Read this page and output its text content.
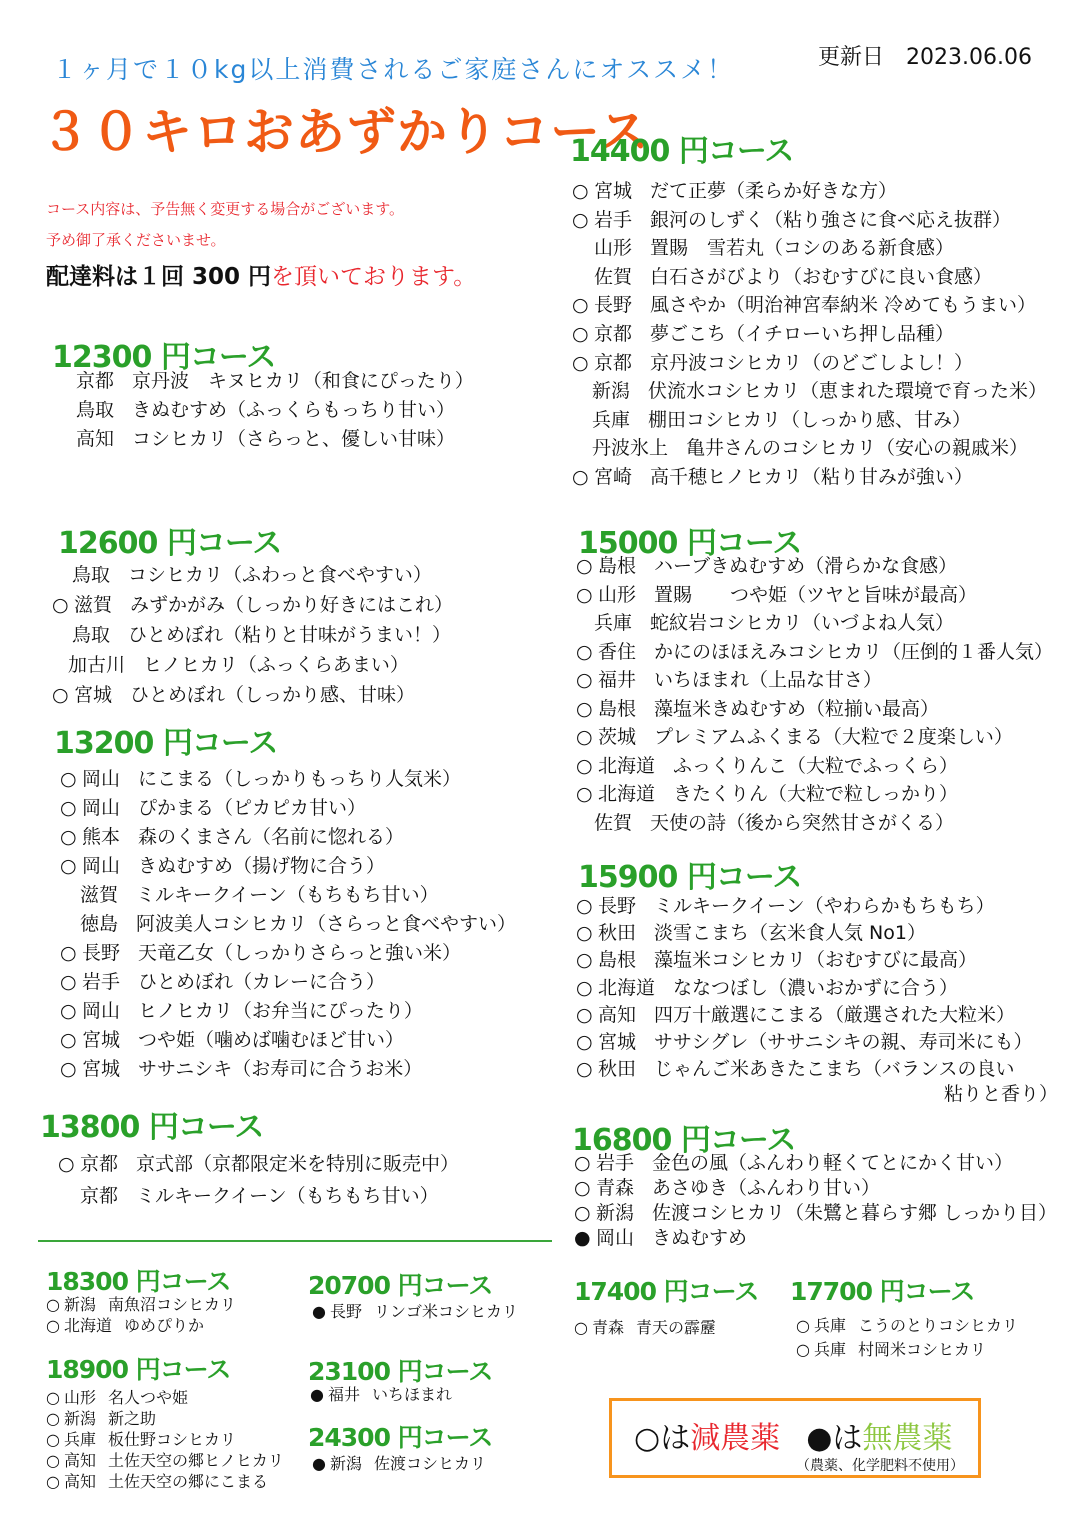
１ヶ月で１０kg以上消費されるご家庭さんにオススメ！	更新日 2023.06.06
３０キロおあずかりコース
コース内容は、予告無く変更する場合がございます。
予め御了承くださいませ。
配達料は１回 300 円を頂いております。
12300 円コース
京都 京丹波　キヌヒカリ（和食にぴったり）
鳥取 きぬむすめ（ふっくらもっちり甘い）
高知 コシヒカリ（さらっと、優しい甘味）
12600 円コース
鳥取 コシヒカリ（ふわっと食べやすい）
○ 滋賀 みずかがみ（しっかり好きにはこれ）
鳥取 ひとめぼれ（粘りと甘味がうまい！）
加古川 ヒノヒカリ（ふっくらあまい）
○ 宮城 ひとめぼれ（しっかり感、甘味）
13200 円コース
○ 岡山 にこまる（しっかりもっちり人気米）
○ 岡山 ぴかまる（ピカピカ甘い）
○ 熊本 森のくまさん（名前に惚れる）
○ 岡山 きぬむすめ（揚げ物に合う）
滋賀 ミルキークイーン（もちもち甘い）
徳島 阿波美人コシヒカリ（さらっと食べやすい）
○ 長野 天竜乙女（しっかりさらっと強い米）
○ 岩手 ひとめぼれ（カレーに合う）
○ 岡山 ヒノヒカリ（お弁当にぴったり）
○ 宮城 つや姫（噛めば噛むほど甘い）
○ 宮城 ササニシキ（お寿司に合うお米）
13800 円コース
○ 京都 京式部（京都限定米を特別に販売中）
京都 ミルキークイーン（もちもち甘い）
14400 円コース
○ 宮城 だて正夢（柔らか好きな方）
○ 岩手 銀河のしずく（粘り強さに食べ応え抜群）
山形 置賜　雪若丸（コシのある新食感）
佐賀 白石さがびより（おむすびに良い食感）
○ 長野 風さやか（明治神宮奉納米 冷めてもうまい）
○ 京都 夢ごこち（イチローいち押し品種）
○ 京都 京丹波コシヒカリ（のどごしよし！）
新潟 伏流水コシヒカリ（恵まれた環境で育った米）
兵庫 棚田コシヒカリ（しっかり感、甘み）
丹波氷上 亀井さんのコシヒカリ（安心の親戚米）
○ 宮崎 高千穂ヒノヒカリ（粘り甘みが強い）
15000 円コース
○ 島根 ハーブきぬむすめ（滑らかな食感）
○ 山形 置賜　　つや姫（ツヤと旨味が最高）
兵庫 蛇紋岩コシヒカリ（いづよね人気）
○ 香住 かにのほほえみコシヒカリ（圧倒的１番人気）
○ 福井 いちほまれ（上品な甘さ）
○ 島根 藻塩米きぬむすめ（粒揃い最高）
○ 茨城 プレミアムふくまる（大粒で２度楽しい）
○ 北海道 ふっくりんこ（大粒でふっくら）
○ 北海道 きたくりん（大粒で粒しっかり）
佐賀 天使の詩（後から突然甘さがくる）
15900 円コース
○ 長野 ミルキークイーン（やわらかもちもち）
○ 秋田 淡雪こまち（玄米食人気 No1）
○ 島根 藻塩米コシヒカリ（おむすびに最高）
○ 北海道 ななつぼし（濃いおかずに合う）
○ 高知 四万十厳選にこまる（厳選された大粒米）
○ 宮城 ササシグレ（ササニシキの親、寿司米にも）
○ 秋田 じゃんご米あきたこまち（バランスの良い
粘りと香り）
16800 円コース
○ 岩手 金色の風（ふんわり軽くてとにかく甘い）
○ 青森 あさゆき（ふんわり甘い）
○ 新潟 佐渡コシヒカリ（朱鷺と暮らす郷 しっかり目）
● 岡山 きぬむすめ
17400 円コース
○ 青森 青天の霹靂
17700 円コース
○ 兵庫 こうのとりコシヒカリ
○ 兵庫 村岡米コシヒカリ
18300 円コース
○ 新潟 南魚沼コシヒカリ
○ 北海道 ゆめぴりか
18900 円コース
○ 山形 名人つや姫
○ 新潟 新之助
○ 兵庫 板仕野コシヒカリ
○ 高知 土佐天空の郷ヒノヒカリ
○ 高知 土佐天空の郷にこまる
20700 円コース
● 長野 リンゴ米コシヒカリ
23100 円コース
● 福井 いちほまれ
24300 円コース
● 新潟 佐渡コシヒカリ
○は減農薬 ●は無農薬
（農薬、化学肥料不使用）
